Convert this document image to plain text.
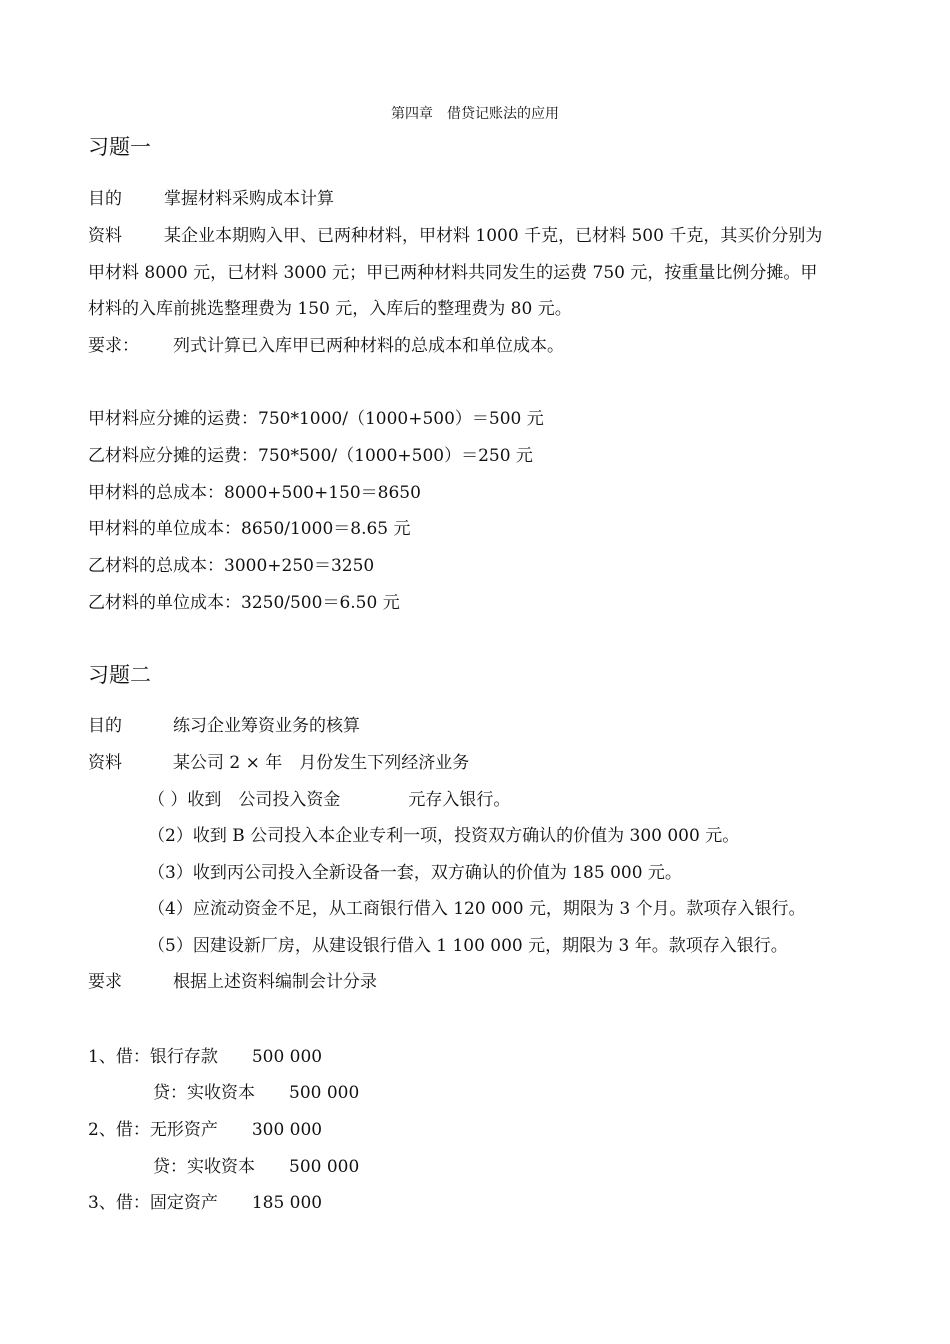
第四章　借贷记账法的应用
习题一
目的 掌握材料采购成本计算
资料 某企业本期购入甲、已两种材料，甲材料 1000 千克，已材料 500 千克，其买价分别为
甲材料 8000 元，已材料 3000 元；甲已两种材料共同发生的运费 750 元，按重量比例分摊。甲
材料的入库前挑选整理费为 150 元，入库后的整理费为 80 元。
要求： 列式计算已入库甲已两种材料的总成本和单位成本。
甲材料应分摊的运费：750*1000/（1000+500）＝500 元
乙材料应分摊的运费：750*500/（1000+500）＝250 元
甲材料的总成本：8000+500+150＝8650
甲材料的单位成本：8650/1000＝8.65 元
乙材料的总成本：3000+250＝3250
乙材料的单位成本：3250/500＝6.50 元
习题二
目的	练习企业筹资业务的核算
资料	某公司 2 × 年　月份发生下列经济业务
（ ）收到　公司投入资金　　　　元存入银行。
（2）收到 B 公司投入本企业专利一项，投资双方确认的价值为 300 000 元。
（3）收到丙公司投入全新设备一套，双方确认的价值为 185 000 元。
（4）应流动资金不足，从工商银行借入 120 000 元，期限为 3 个月。款项存入银行。
（5）因建设新厂房，从建设银行借入 1 100 000 元，期限为 3 年。款项存入银行。
要求	根据上述资料编制会计分录
1、借：银行存款　　500 000
贷：实收资本　　500 000
2、借：无形资产　　300 000
贷：实收资本　　500 000
3、借：固定资产　　185 000
